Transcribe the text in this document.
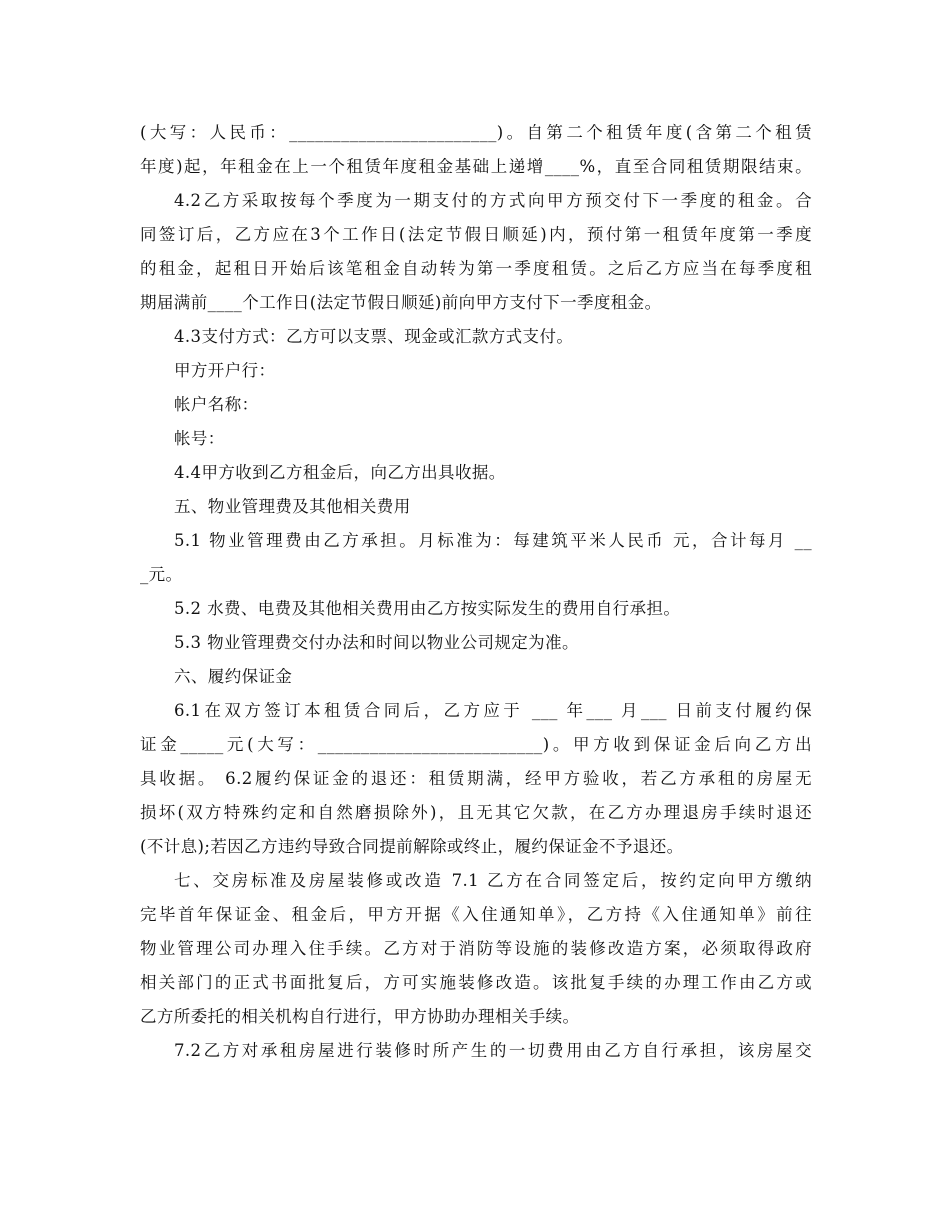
(大写：人民币：________________________)。自第二个租赁年度(含第二个租赁
年度)起，年租金在上一个租赁年度租金基础上递增____%，直至合同租赁期限结束。
4.2乙方采取按每个季度为一期支付的方式向甲方预交付下一季度的租金。合
同签订后，乙方应在3个工作日(法定节假日顺延)内，预付第一租赁年度第一季度
的租金，起租日开始后该笔租金自动转为第一季度租赁。之后乙方应当在每季度租
期届满前____个工作日(法定节假日顺延)前向甲方支付下一季度租金。
4.3支付方式：乙方可以支票、现金或汇款方式支付。
甲方开户行：
帐户名称：
帐号：
4.4甲方收到乙方租金后，向乙方出具收据。
五、物业管理费及其他相关费用
5.1 物业管理费由乙方承担。月标准为：每建筑平米人民币 元，合计每月 __
_元。
5.2 水费、电费及其他相关费用由乙方按实际发生的费用自行承担。
5.3 物业管理费交付办法和时间以物业公司规定为准。
六、履约保证金
6.1在双方签订本租赁合同后，乙方应于 ___ 年___ 月___ 日前支付履约保
证金_____元(大写：__________________________)。甲方收到保证金后向乙方出
具收据。 6.2履约保证金的退还：租赁期满，经甲方验收，若乙方承租的房屋无
损坏(双方特殊约定和自然磨损除外)，且无其它欠款，在乙方办理退房手续时退还
(不计息);若因乙方违约导致合同提前解除或终止，履约保证金不予退还。
七、交房标准及房屋装修或改造 7.1 乙方在合同签定后，按约定向甲方缴纳
完毕首年保证金、租金后，甲方开据《入住通知单》，乙方持《入住通知单》前往
物业管理公司办理入住手续。乙方对于消防等设施的装修改造方案，必须取得政府
相关部门的正式书面批复后，方可实施装修改造。该批复手续的办理工作由乙方或
乙方所委托的相关机构自行进行，甲方协助办理相关手续。
7.2乙方对承租房屋进行装修时所产生的一切费用由乙方自行承担，该房屋交
